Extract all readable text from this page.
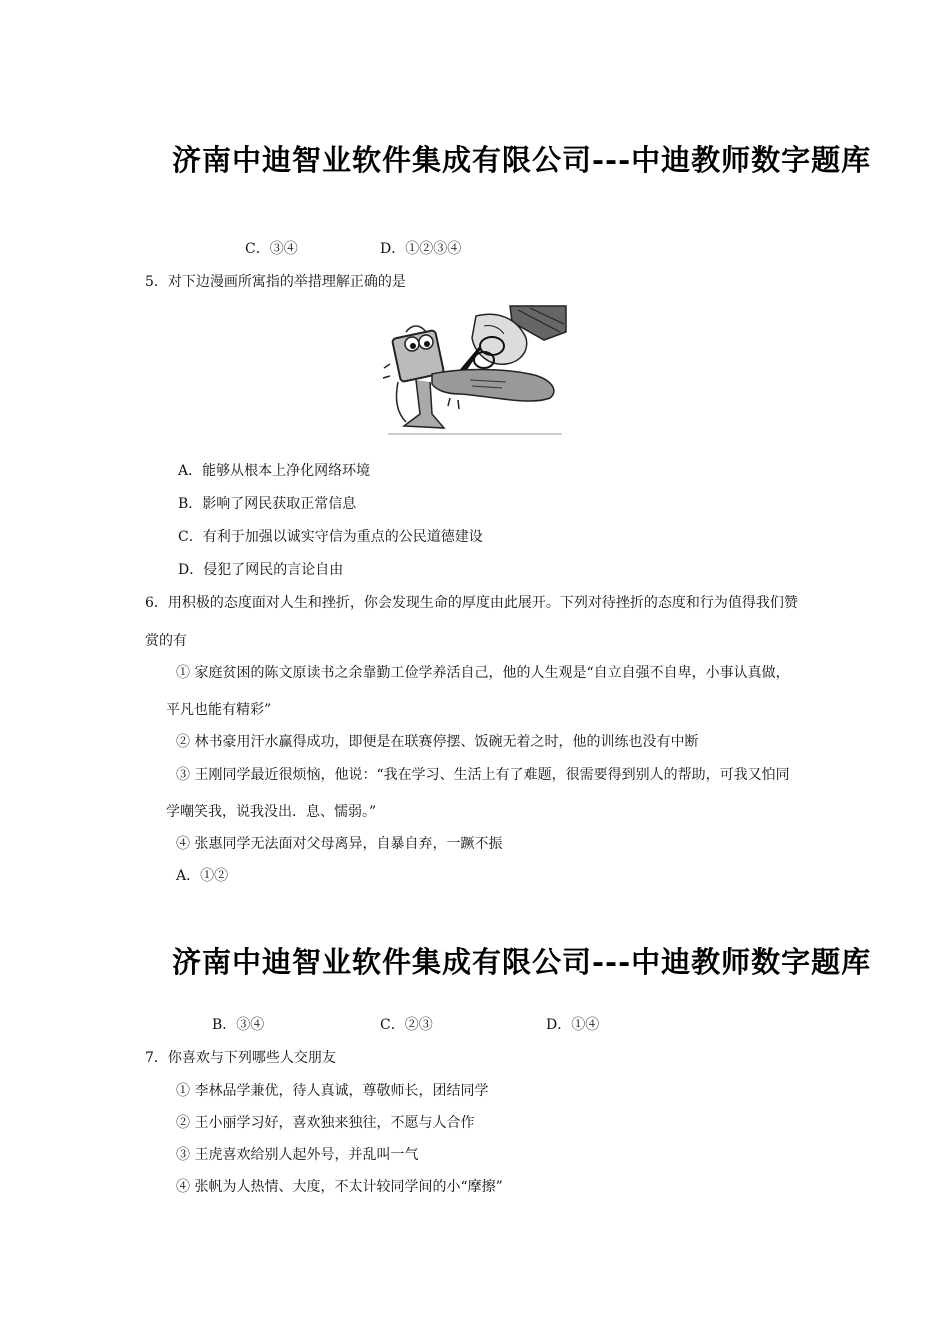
济南中迪智业软件集成有限公司---中迪教师数字题库
C．③④	D．①②③④
5．对下边漫画所寓指的举措理解正确的是
A．能够从根本上净化网络环境
B．影响了网民获取正常信息
C．有利于加强以诚实守信为重点的公民道德建设
D．侵犯了网民的言论自由
6．用积极的态度面对人生和挫折，你会发现生命的厚度由此展开。下列对待挫折的态度和行为值得我们赞
赏的有
① 家庭贫困的陈文原读书之余靠勤工俭学养活自己，他的人生观是“自立自强不自卑，小事认真做，
平凡也能有精彩”
② 林书豪用汗水赢得成功，即便是在联赛停摆、饭碗无着之时，他的训练也没有中断
③ 王刚同学最近很烦恼，他说：“我在学习、生活上有了难题，很需要得到别人的帮助，可我又怕同
学嘲笑我，说我没出．息、懦弱。”
④ 张惠同学无法面对父母离异，自暴自弃，一蹶不振
A．①②
济南中迪智业软件集成有限公司---中迪教师数字题库
B．③④	C．②③	D．①④
7．你喜欢与下列哪些人交朋友
① 李林品学兼优，待人真诚，尊敬师长，团结同学
② 王小丽学习好，喜欢独来独往，不愿与人合作
③ 王虎喜欢给别人起外号，并乱叫一气
④ 张帆为人热情、大度，不太计较同学间的小“摩擦”
